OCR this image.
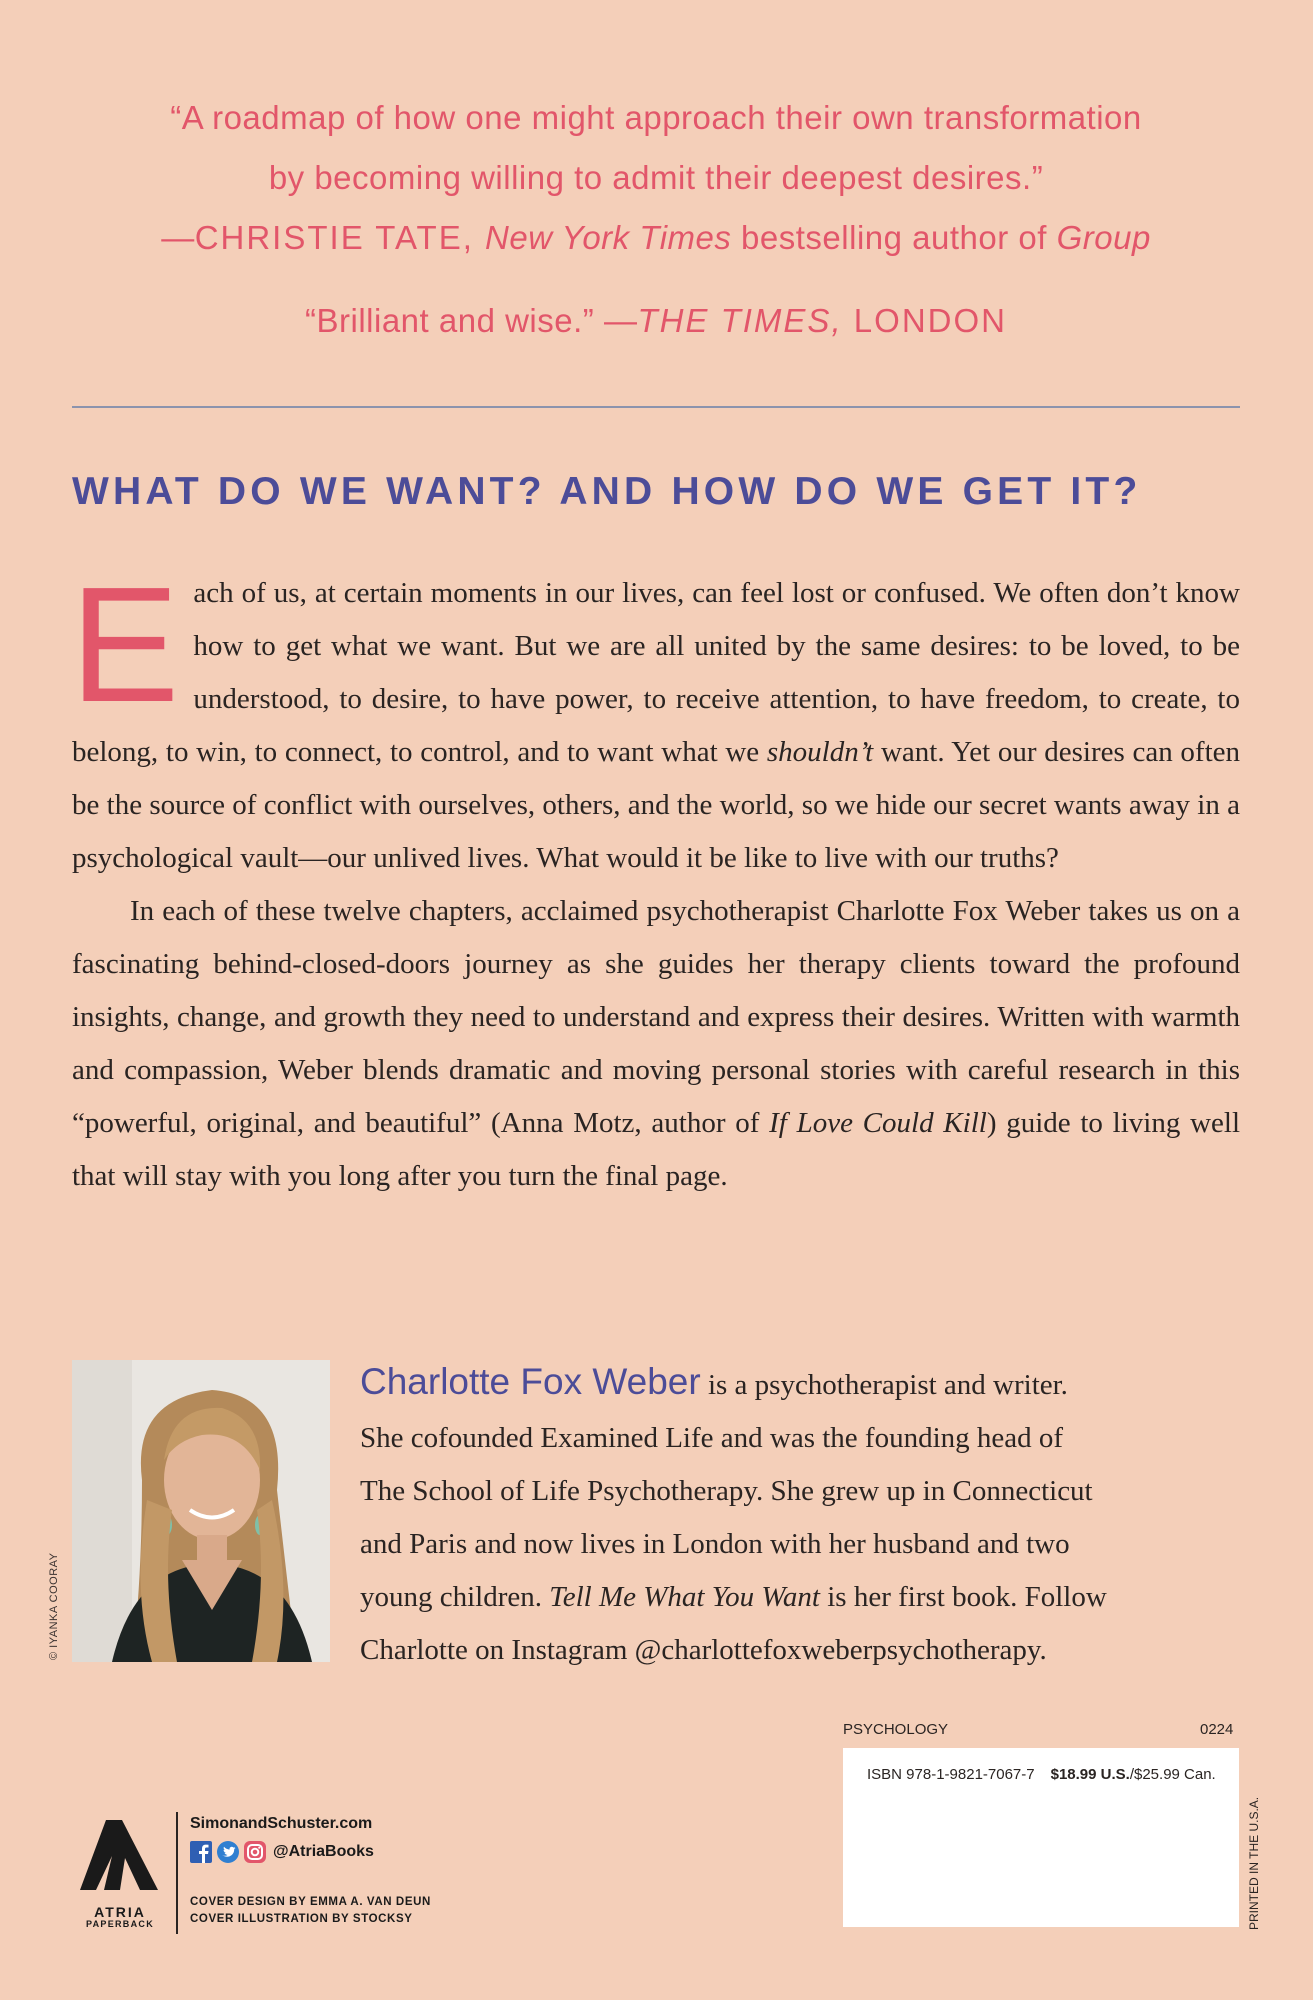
“A roadmap of how one might approach their own transformation
by becoming willing to admit their deepest desires.”
—CHRISTIE TATE, New York Times bestselling author of Group
“Brilliant and wise.” —THE TIMES, LONDON
WHAT DO WE WANT? AND HOW DO WE GET IT?

Each of us, at certain moments in our lives, can feel lost or confused. We often don’t know how to get what we want. But we are all united by the same desires: to be loved, to be understood, to desire, to have power, to receive attention, to have freedom, to create, to belong, to win, to connect, to control, and to want what we shouldn’t want. Yet our desires can often be the source of conflict with ourselves, others, and the world, so we hide our secret wants away in a psychological vault—our unlived lives. What would it be like to live with our truths?

In each of these twelve chapters, acclaimed psychotherapist Charlotte Fox Weber takes us on a fascinating behind-closed-doors journey as she guides her therapy clients toward the profound insights, change, and growth they need to understand and express their desires. Written with warmth and compassion, Weber blends dramatic and moving personal stories with careful research in this “powerful, original, and beautiful” (Anna Motz, author of If Love Could Kill) guide to living well that will stay with you long after you turn the final page.

© IYANKA COORAY
Charlotte Fox Weber is a psychotherapist and writer.
She cofounded Examined Life and was the founding head of
The School of Life Psychotherapy. She grew up in Connecticut
and Paris and now lives in London with her husband and two
young children. Tell Me What You Want is her first book. Follow
Charlotte on Instagram @charlottefoxweberpsychotherapy.
PSYCHOLOGY	0224
ISBN 978-1-9821-7067-7 $18.99 U.S./$25.99 Can.
PRINTED IN THE U.S.A.
ATRIA
PAPERBACK
SimonandSchuster.com
@AtriaBooks
COVER DESIGN BY EMMA A. VAN DEUN
COVER ILLUSTRATION BY STOCKSY
